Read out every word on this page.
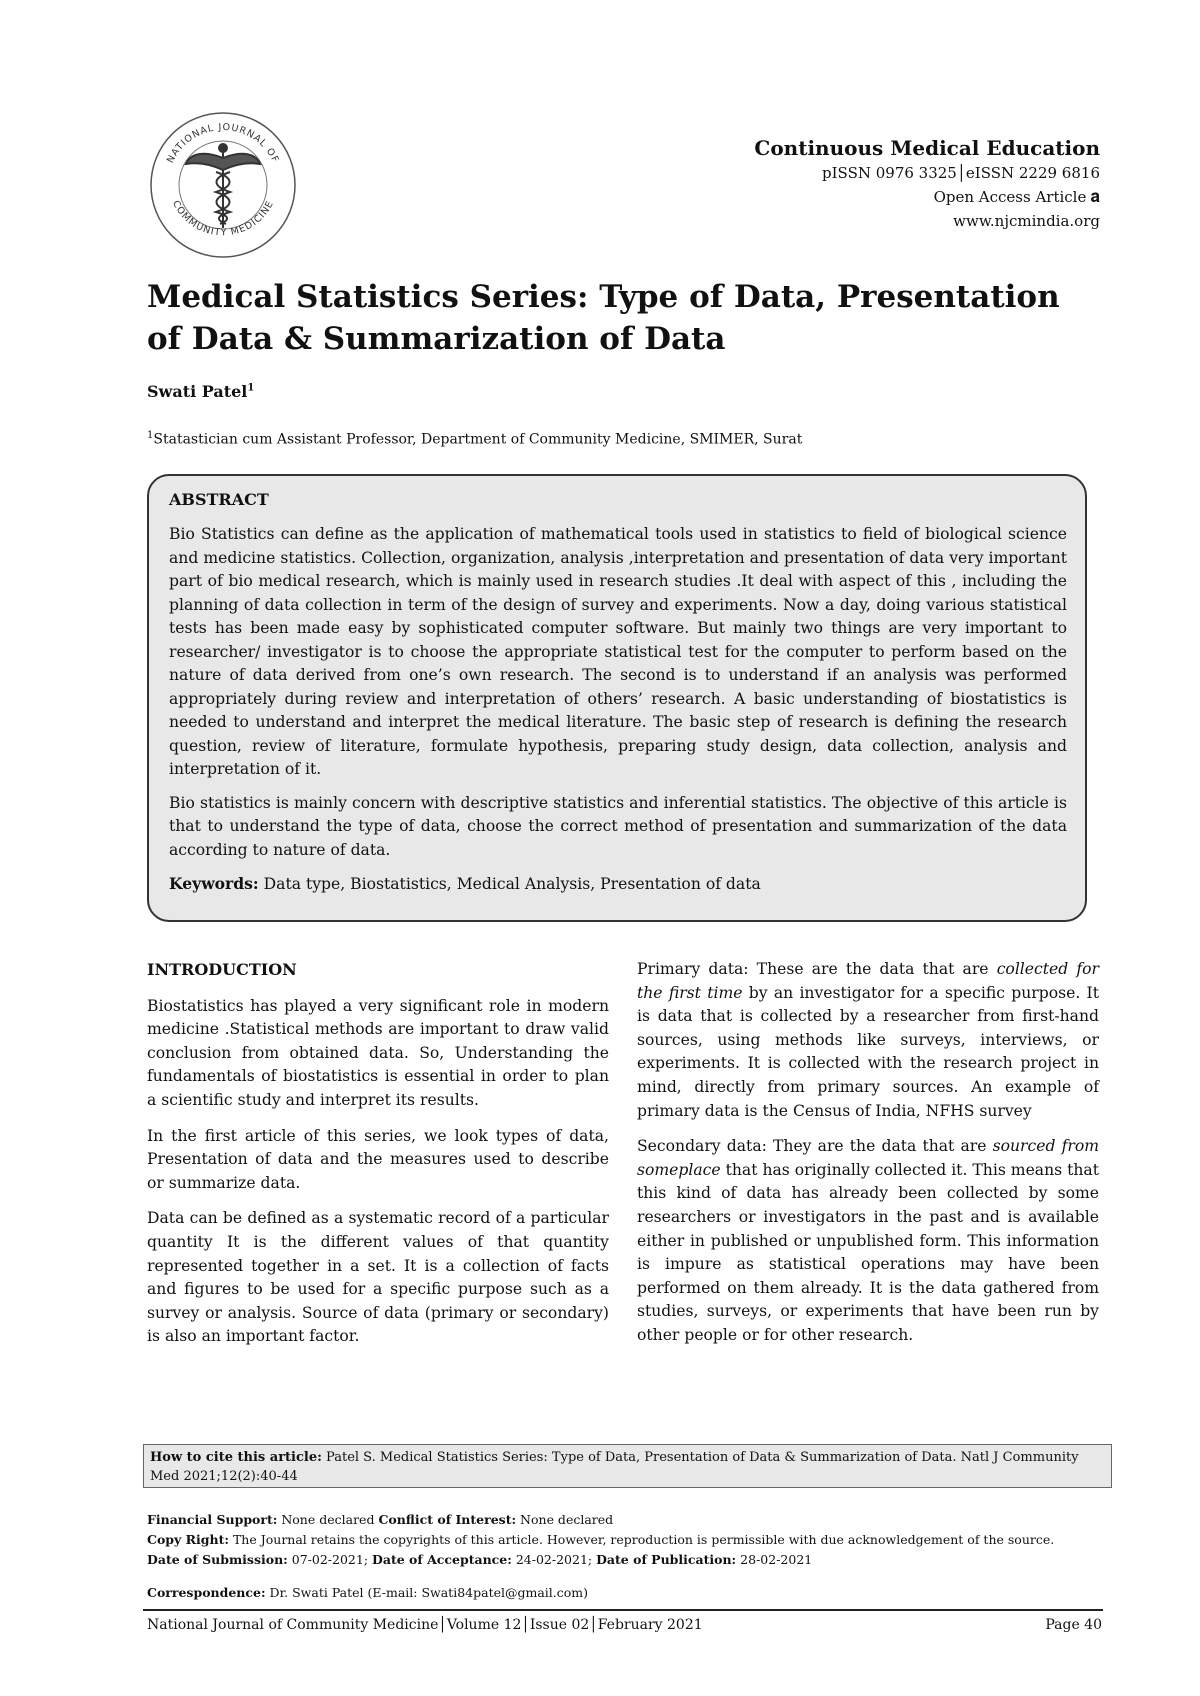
NATIONAL JOURNAL OF
COMMUNITY MEDICINE
Continuous Medical Education
pISSN 0976 3325│eISSN 2229 6816
Open Access Article 𝐚
www.njcmindia.org
Medical Statistics Series: Type of Data, Presentation of Data & Summarization of Data
Swati Patel$^1$
$^1$Statastician cum Assistant Professor, Department of Community Medicine, SMIMER, Surat
ABSTRACT

Bio Statistics can define as the application of mathematical tools used in statistics to field of biological science and medicine statistics. Collection, organization, analysis ,interpretation and presentation of data very important part of bio medical research, which is mainly used in research studies .It deal with aspect of this , including the planning of data collection in term of the design of survey and experiments. Now a day, doing various statistical tests has been made easy by sophisticated computer software. But mainly two things are very important to researcher/ investigator is to choose the appropriate statistical test for the computer to perform based on the nature of data derived from one’s own research. The second is to understand if an analysis was performed appropriately during review and interpretation of others’ research. A basic understanding of biostatistics is needed to understand and interpret the medical literature. The basic step of research is defining the research question, review of literature, formulate hypothesis, preparing study design, data collection, analysis and interpretation of it.

Bio statistics is mainly concern with descriptive statistics and inferential statistics. The objective of this article is that to understand the type of data, choose the correct method of presentation and summarization of the data according to nature of data.

Keywords: Data type, Biostatistics, Medical Analysis, Presentation of data
INTRODUCTION

Biostatistics has played a very significant role in modern medicine .Statistical methods are important to draw valid conclusion from obtained data. So, Understanding the fundamentals of biostatistics is essential in order to plan a scientific study and interpret its results.

In the first article of this series, we look types of data, Presentation of data and the measures used to describe or summarize data.

Data can be defined as a systematic record of a particular quantity It is the different values of that quantity represented together in a set. It is a collection of facts and figures to be used for a specific purpose such as a survey or analysis. Source of data (primary or secondary) is also an important factor.

Primary data: These are the data that are collected for the first time by an investigator for a specific purpose. It is data that is collected by a researcher from first-hand sources, using methods like surveys, interviews, or experiments. It is collected with the research project in mind, directly from primary sources. An example of primary data is the Census of India, NFHS survey

Secondary data: They are the data that are sourced from someplace that has originally collected it. This means that this kind of data has already been collected by some researchers or investigators in the past and is available either in published or unpublished form. This information is impure as statistical operations may have been performed on them already. It is the data gathered from studies, surveys, or experiments that have been run by other people or for other research.

How to cite this article: Patel S. Medical Statistics Series: Type of Data, Presentation of Data & Summarization of Data. Natl J Community Med 2021;12(2):40-44
Financial Support: None declared Conflict of Interest: None declared
Copy Right: The Journal retains the copyrights of this article. However, reproduction is permissible with due acknowledgement of the source.
Date of Submission: 07-02-2021; Date of Acceptance: 24-02-2021; Date of Publication: 28-02-2021
Correspondence: Dr. Swati Patel (E-mail: Swati84patel@gmail.com)
National Journal of Community Medicine│Volume 12│Issue 02│February 2021	Page 40
